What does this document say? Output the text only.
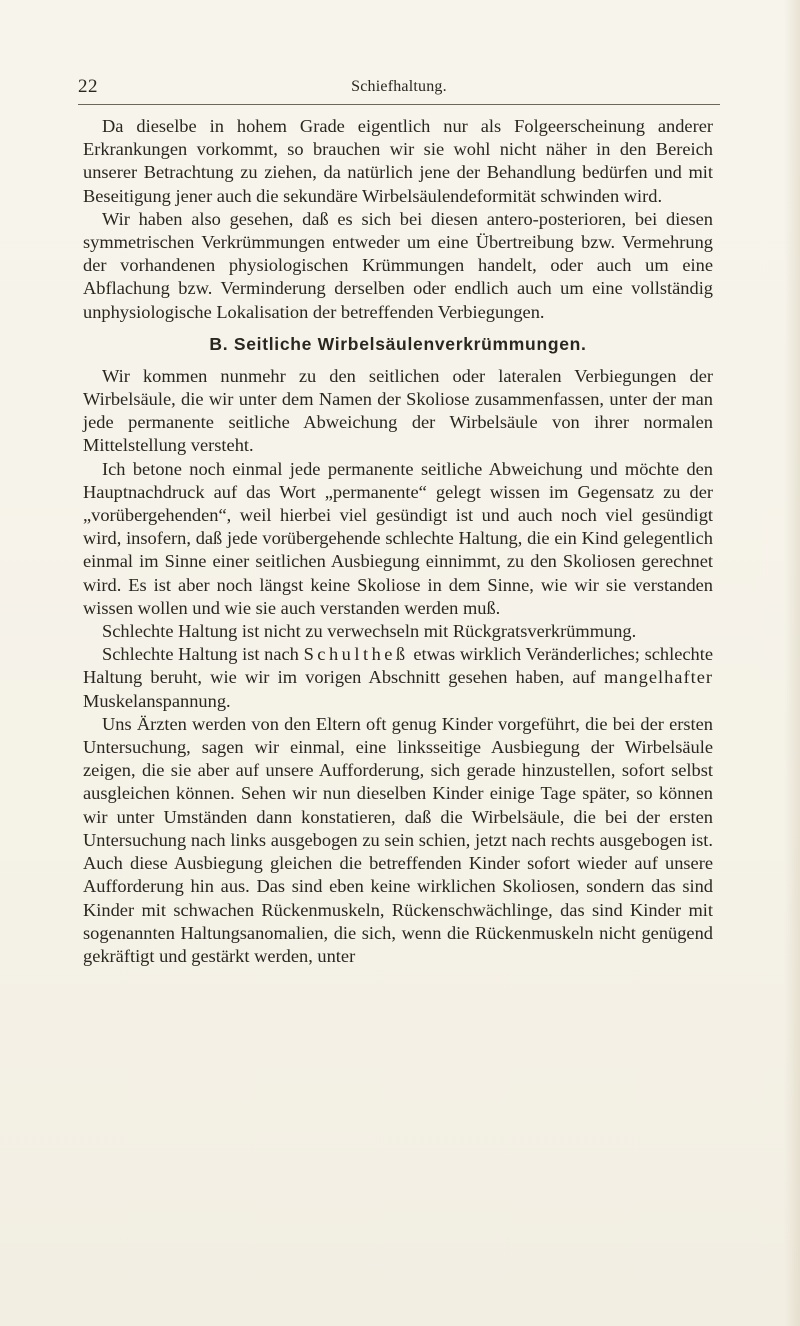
22	Schiefhaltung.

Da dieselbe in hohem Grade eigentlich nur als Folgeerscheinung anderer Erkrankungen vorkommt, so brauchen wir sie wohl nicht näher in den Bereich unserer Betrachtung zu ziehen, da natürlich jene der Behandlung bedürfen und mit Beseitigung jener auch die sekundäre Wirbelsäulendeformität schwinden wird.

Wir haben also gesehen, daß es sich bei diesen antero-posterioren, bei diesen symmetrischen Verkrümmungen entweder um eine Übertreibung bzw. Vermehrung der vorhandenen physiologischen Krümmungen handelt, oder auch um eine Abflachung bzw. Verminderung derselben oder endlich auch um eine vollständig unphysiologische Lokalisation der betreffenden Verbiegungen.

B. Seitliche Wirbelsäulenverkrümmungen.

Wir kommen nunmehr zu den seitlichen oder lateralen Verbiegungen der Wirbelsäule, die wir unter dem Namen der Skoliose zusammenfassen, unter der man jede permanente seitliche Abweichung der Wirbelsäule von ihrer normalen Mittelstellung versteht.

Ich betone noch einmal jede permanente seitliche Abweichung und möchte den Hauptnachdruck auf das Wort „permanente“ gelegt wissen im Gegensatz zu der „vorübergehenden“, weil hierbei viel gesündigt ist und auch noch viel gesündigt wird, insofern, daß jede vorübergehende schlechte Haltung, die ein Kind gelegentlich einmal im Sinne einer seitlichen Ausbiegung einnimmt, zu den Skoliosen gerechnet wird. Es ist aber noch längst keine Skoliose in dem Sinne, wie wir sie verstanden wissen wollen und wie sie auch verstanden werden muß.

Schlechte Haltung ist nicht zu verwechseln mit Rückgratsverkrümmung.

Schlechte Haltung ist nach Schultheß etwas wirklich Veränderliches; schlechte Haltung beruht, wie wir im vorigen Abschnitt gesehen haben, auf mangelhafter Muskelanspannung.

Uns Ärzten werden von den Eltern oft genug Kinder vorgeführt, die bei der ersten Untersuchung, sagen wir einmal, eine linksseitige Ausbiegung der Wirbelsäule zeigen, die sie aber auf unsere Aufforderung, sich gerade hinzustellen, sofort selbst ausgleichen können. Sehen wir nun dieselben Kinder einige Tage später, so können wir unter Umständen dann konstatieren, daß die Wirbelsäule, die bei der ersten Untersuchung nach links ausgebogen zu sein schien, jetzt nach rechts ausgebogen ist. Auch diese Ausbiegung gleichen die betreffenden Kinder sofort wieder auf unsere Aufforderung hin aus. Das sind eben keine wirklichen Skoliosen, sondern das sind Kinder mit schwachen Rückenmuskeln, Rückenschwächlinge, das sind Kinder mit sogenannten Haltungsanomalien, die sich, wenn die Rückenmuskeln nicht genügend gekräftigt und gestärkt werden, unter
